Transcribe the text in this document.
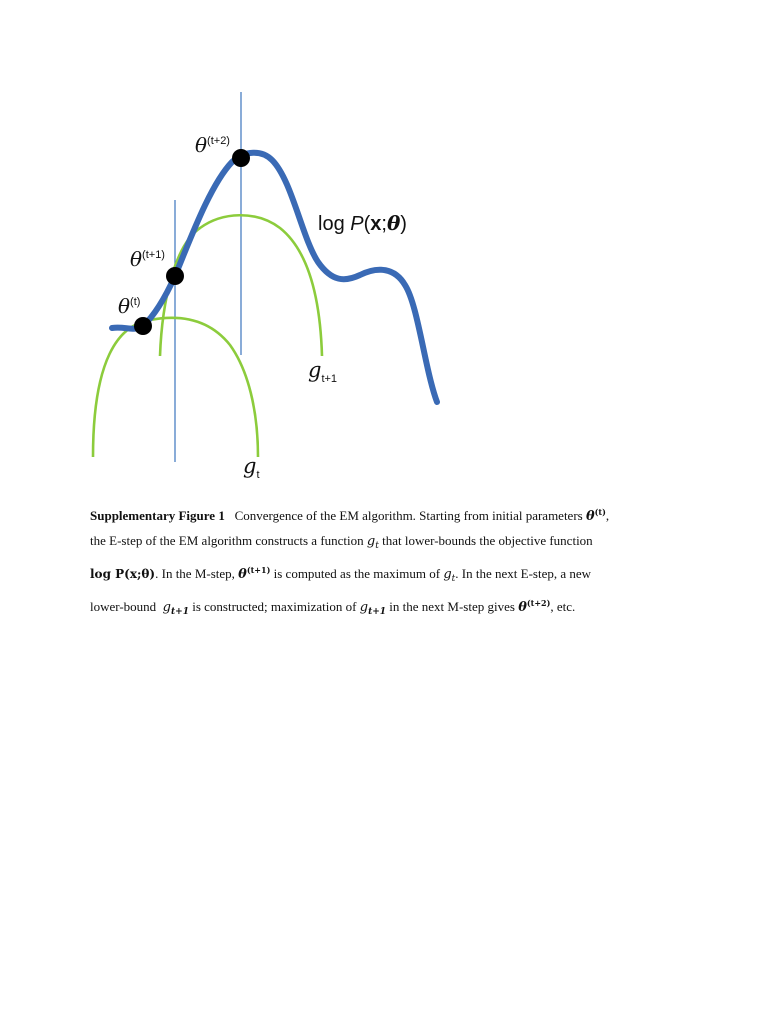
$\theta^{(t+2)}$
$\theta^{(t+1)}$
$\theta^{(t)}$
log P(x;θ)
$g_{t+1}$
$g_t$
Supplementary Figure 1 Convergence of the EM algorithm. Starting from initial parameters $\theta^{(t)}$,
the E-step of the EM algorithm constructs a function $g_t$ that lower-bounds the objective function
log P(x;θ). In the M-step, $\theta^{(t+1)}$ is computed as the maximum of $g_t$. In the next E-step, a new
lower-bound $g_{t+1}$ is constructed; maximization of $g_{t+1}$ in the next M-step gives $\theta^{(t+2)}$, etc.
